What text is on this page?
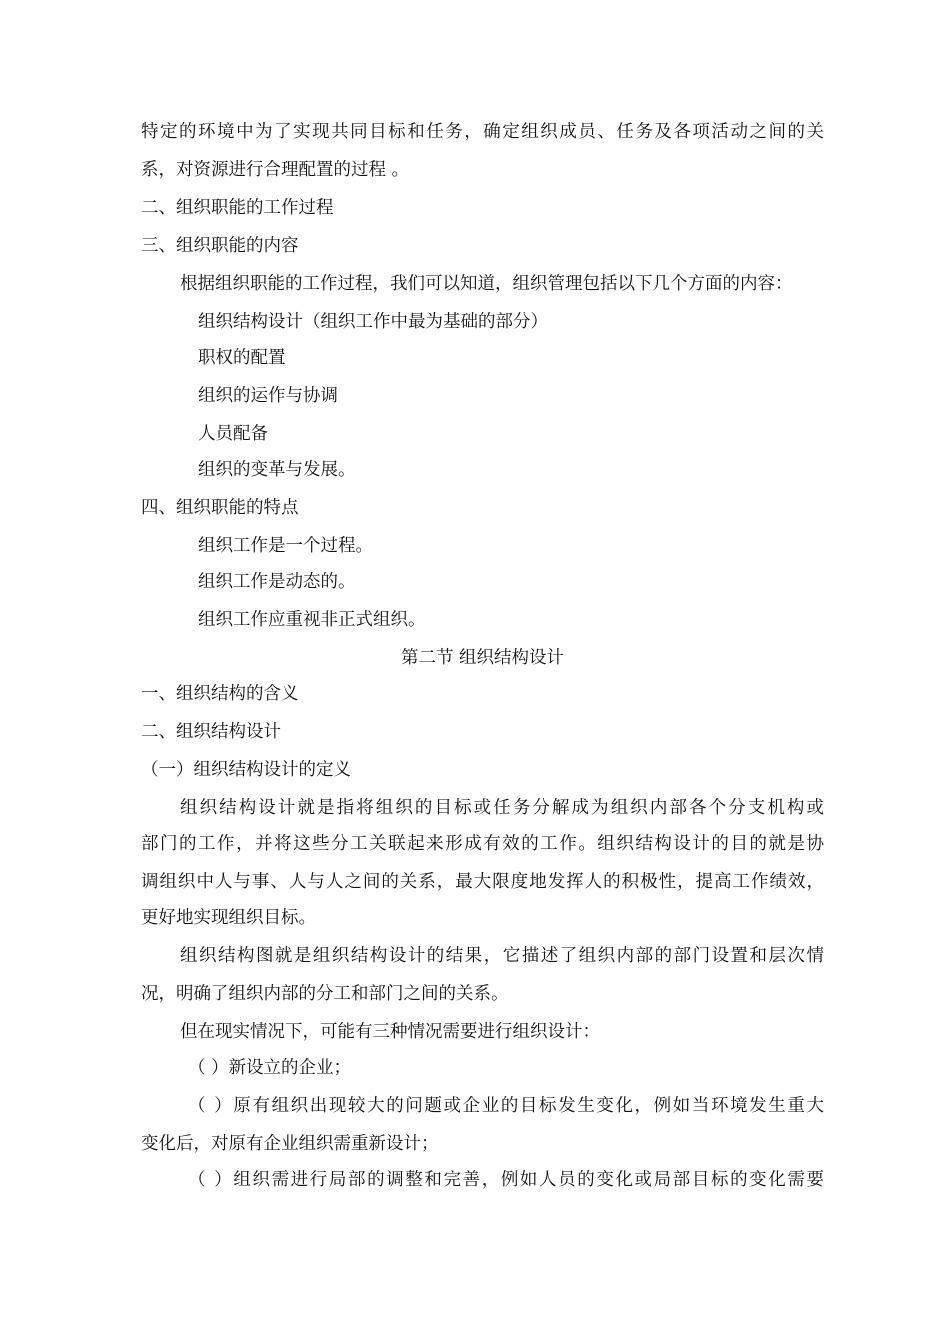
特定的环境中为了实现共同目标和任务，确定组织成员、任务及各项活动之间的关
系，对资源进行合理配置的过程 。
二、组织职能的工作过程
三、组织职能的内容
根据组织职能的工作过程，我们可以知道，组织管理包括以下几个方面的内容：
组织结构设计（组织工作中最为基础的部分）
职权的配置
组织的运作与协调
人员配备
组织的变革与发展。
四、组织职能的特点
组织工作是一个过程。
组织工作是动态的。
组织工作应重视非正式组织。
第二节 组织结构设计
一、组织结构的含义
二、组织结构设计
（一）组织结构设计的定义
组织结构设计就是指将组织的目标或任务分解成为组织内部各个分支机构或
部门的工作，并将这些分工关联起来形成有效的工作。组织结构设计的目的就是协
调组织中人与事、人与人之间的关系，最大限度地发挥人的积极性，提高工作绩效，
更好地实现组织目标。
组织结构图就是组织结构设计的结果，它描述了组织内部的部门设置和层次情
况，明确了组织内部的分工和部门之间的关系。
但在现实情况下，可能有三种情况需要进行组织设计：
（ ）新设立的企业；
（ ）原有组织出现较大的问题或企业的目标发生变化，例如当环境发生重大
变化后，对原有企业组织需重新设计；
（ ）组织需进行局部的调整和完善，例如人员的变化或局部目标的变化需要
